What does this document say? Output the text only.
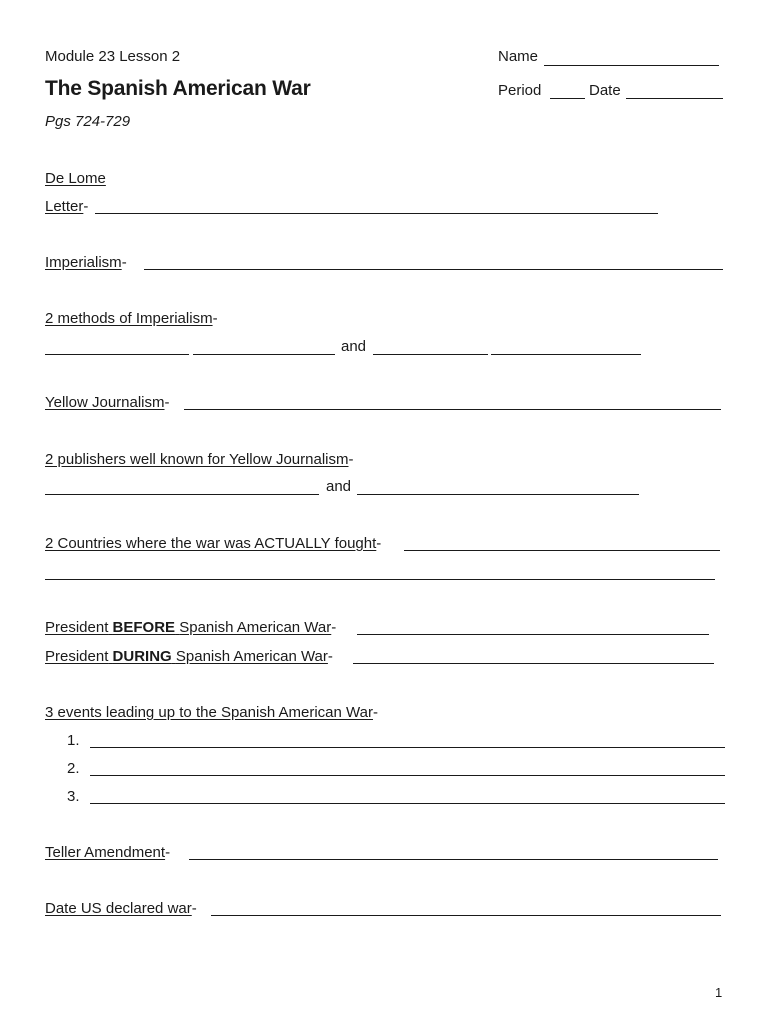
Module 23 Lesson 2
The Spanish American War
Pgs 724-729
Name
Period	Date
De Lome
Letter-
Imperialism-
2 methods of Imperialism-
and
Yellow Journalism-
2 publishers well known for Yellow Journalism-
and
2 Countries where the war was ACTUALLY fought-
President BEFORE Spanish American War-
President DURING Spanish American War-
3 events leading up to the Spanish American War-
1.
2.
3.
Teller Amendment-
Date US declared war-
1
